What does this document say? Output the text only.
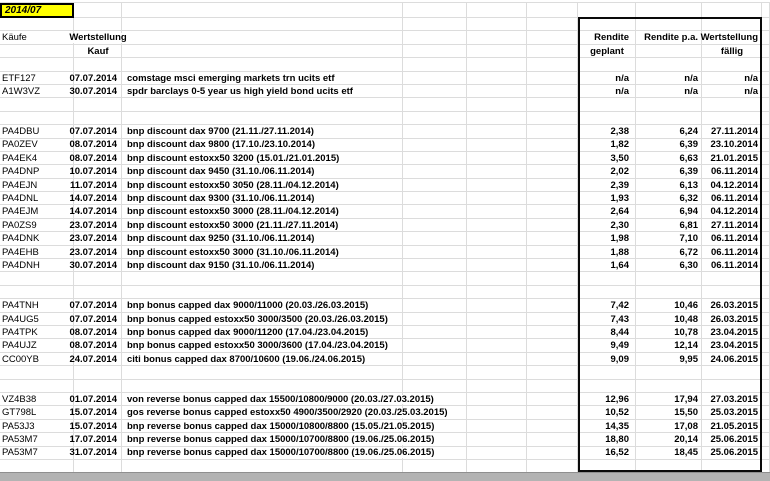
2014/07
Käufe	Wertstellung	Rendite Rendite p.a. Wertstellung
Kauf	geplant	fällig
ETF127	07.07.2014 comstage msci emerging markets trn ucits etf	n/a	n/a	n/a
A1W3VZ	30.07.2014 spdr barclays 0-5 year us high yield bond ucits etf	n/a	n/a	n/a
PA4DBU	07.07.2014 bnp discount dax 9700 (21.11./27.11.2014)	2,38	6,24 27.11.2014
PA0ZEV	08.07.2014 bnp discount dax 9800 (17.10./23.10.2014)	1,82	6,39 23.10.2014
PA4EK4	08.07.2014 bnp discount estoxx50 3200 (15.01./21.01.2015)	3,50	6,63 21.01.2015
PA4DNP	10.07.2014 bnp discount dax 9450 (31.10./06.11.2014)	2,02	6,39 06.11.2014
PA4EJN	11.07.2014 bnp discount estoxx50 3050 (28.11./04.12.2014)	2,39	6,13 04.12.2014
PA4DNL	14.07.2014 bnp discount dax 9300 (31.10./06.11.2014)	1,93	6,32 06.11.2014
PA4EJM	14.07.2014 bnp discount estoxx50 3000 (28.11./04.12.2014)	2,64	6,94 04.12.2014
PA0ZS9	23.07.2014 bnp discount estoxx50 3000 (21.11./27.11.2014)	2,30	6,81 27.11.2014
PA4DNK	23.07.2014 bnp discount dax 9250 (31.10./06.11.2014)	1,98	7,10 06.11.2014
PA4EHB	23.07.2014 bnp discount estoxx50 3000 (31.10./06.11.2014)	1,88	6,72 06.11.2014
PA4DNH	30.07.2014 bnp discount dax 9150 (31.10./06.11.2014)	1,64	6,30 06.11.2014
PA4TNH	07.07.2014 bnp bonus capped dax 9000/11000 (20.03./26.03.2015)	7,42	10,46 26.03.2015
PA4UG5	07.07.2014 bnp bonus capped estoxx50 3000/3500 (20.03./26.03.2015)	7,43	10,48 26.03.2015
PA4TPK	08.07.2014 bnp bonus capped dax 9000/11200 (17.04./23.04.2015)	8,44	10,78 23.04.2015
PA4UJZ	08.07.2014 bnp bonus capped estoxx50 3000/3600 (17.04./23.04.2015)	9,49	12,14 23.04.2015
CC00YB	24.07.2014 citi bonus capped dax 8700/10600 (19.06./24.06.2015)	9,09	9,95 24.06.2015
VZ4B38	01.07.2014 von reverse bonus capped dax 15500/10800/9000 (20.03./27.03.2015)	12,96	17,94 27.03.2015
GT798L	15.07.2014 gos reverse bonus capped estoxx50 4900/3500/2920 (20.03./25.03.2015)	10,52	15,50 25.03.2015
PA53J3	15.07.2014 bnp reverse bonus capped dax 15000/10800/8800 (15.05./21.05.2015)	14,35	17,08 21.05.2015
PA53M7	17.07.2014 bnp reverse bonus capped dax 15000/10700/8800 (19.06./25.06.2015)	18,80	20,14 25.06.2015
PA53M7	31.07.2014 bnp reverse bonus capped dax 15000/10700/8800 (19.06./25.06.2015)	16,52	18,45 25.06.2015
